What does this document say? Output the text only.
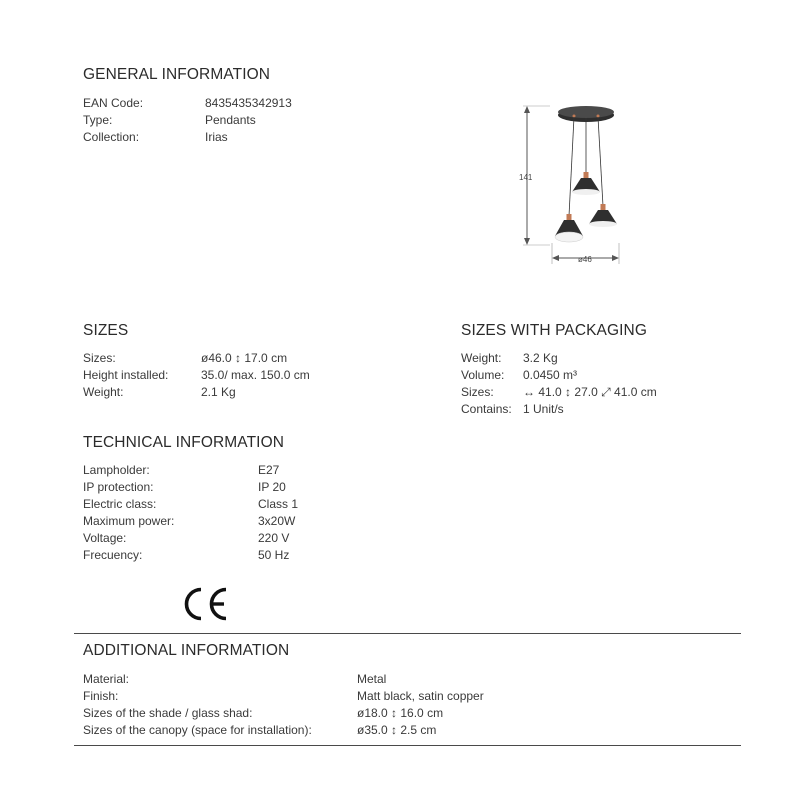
GENERAL INFORMATION
EAN Code:	8435435342913
Type:	Pendants
Collection:	Irias
141
ø46
SIZES
Sizes:	ø46.0 ↕ 17.0 cm
Height installed:	35.0/ max. 150.0 cm
Weight:	2.1 Kg
SIZES WITH PACKAGING
Weight: 3.2 Kg
Volume: 0.0450 m³
Sizes: ↔ 41.0 ↕ 27.0 ⤢ 41.0 cm
Contains: 1 Unit/s
TECHNICAL INFORMATION
Lampholder:	E27
IP protection:	IP 20
Electric class:	Class 1
Maximum power:	3x20W
Voltage:	220 V
Frecuency:	50 Hz
ADDITIONAL INFORMATION
Material:	Metal
Finish:	Matt black, satin copper
Sizes of the shade / glass shad:	ø18.0 ↕ 16.0 cm
Sizes of the canopy (space for installation):	ø35.0 ↕ 2.5 cm
